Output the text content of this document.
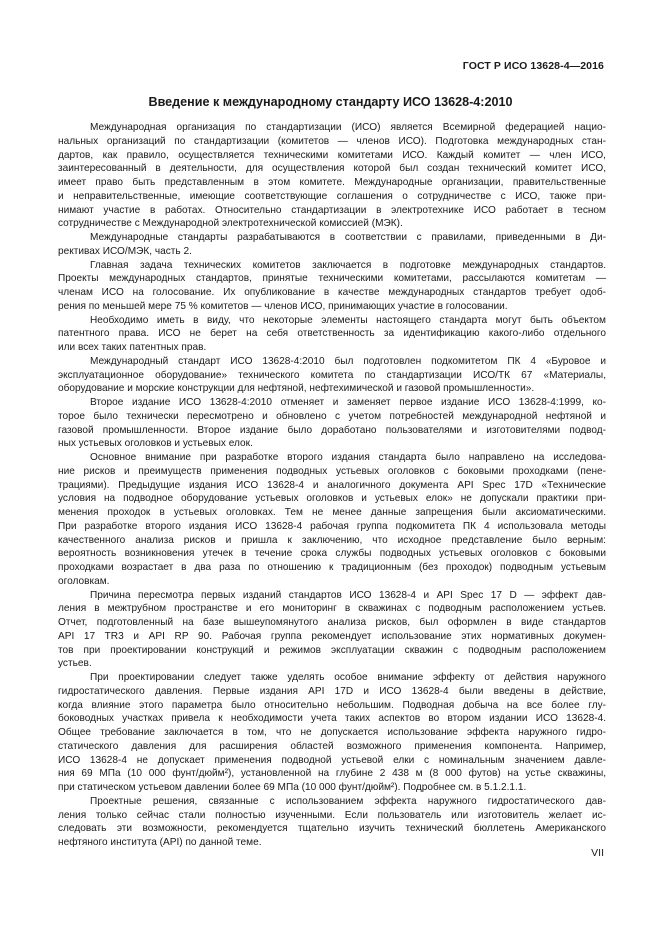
ГОСТ Р ИСО 13628-4—2016
Введение к международному стандарту ИСО 13628-4:2010

Международная организация по стандартизации (ИСО) является Всемирной федерацией нацио-
нальных организаций по стандартизации (комитетов — членов ИСО). Подготовка международных стан-
дартов, как правило, осуществляется техническими комитетами ИСО. Каждый комитет — член ИСО,
заинтересованный в деятельности, для осуществления которой был создан технический комитет ИСО,
имеет право быть представленным в этом комитете. Международные организации, правительственные
и неправительственные, имеющие соответствующие соглашения о сотрудничестве с ИСО, также при-
нимают участие в работах. Относительно стандартизации в электротехнике ИСО работает в тесном
сотрудничестве с Международной электротехнической комиссией (МЭК).

Международные стандарты разрабатываются в соответствии с правилами, приведенными в Ди-
рективах ИСО/МЭК, часть 2.

Главная задача технических комитетов заключается в подготовке международных стандартов.
Проекты международных стандартов, принятые техническими комитетами, рассылаются комитетам —
членам ИСО на голосование. Их опубликование в качестве международных стандартов требует одоб-
рения по меньшей мере 75 % комитетов — членов ИСО, принимающих участие в голосовании.

Необходимо иметь в виду, что некоторые элементы настоящего стандарта могут быть объектом
патентного права. ИСО не берет на себя ответственность за идентификацию какого-либо отдельного
или всех таких патентных прав.

Международный стандарт ИСО 13628-4:2010 был подготовлен подкомитетом ПК 4 «Буровое и
эксплуатационное оборудование» технического комитета по стандартизации ИСО/ТК 67 «Материалы,
оборудование и морские конструкции для нефтяной, нефтехимической и газовой промышленности».

Второе издание ИСО 13628-4:2010 отменяет и заменяет первое издание ИСО 13628-4:1999, ко-
торое было технически пересмотрено и обновлено с учетом потребностей международной нефтяной и
газовой промышленности. Второе издание было доработано пользователями и изготовителями подвод-
ных устьевых оголовков и устьевых елок.

Основное внимание при разработке второго издания стандарта было направлено на исследова-
ние рисков и преимуществ применения подводных устьевых оголовков с боковыми проходками (пене-
трациями). Предыдущие издания ИСО 13628-4 и аналогичного документа API Spec 17D «Технические
условия на подводное оборудование устьевых оголовков и устьевых елок» не допускали практики при-
менения проходок в устьевых оголовках. Тем не менее данные запрещения были аксиоматическими.
При разработке второго издания ИСО 13628-4 рабочая группа подкомитета ПК 4 использовала методы
качественного анализа рисков и пришла к заключению, что исходное представление было верным:
вероятность возникновения утечек в течение срока службы подводных устьевых оголовков с боковыми
проходками возрастает в два раза по отношению к традиционным (без проходок) подводным устьевым
оголовкам.

Причина пересмотра первых изданий стандартов ИСО 13628-4 и API Spec 17 D — эффект дав-
ления в межтрубном пространстве и его мониторинг в скважинах с подводным расположением устьев.
Отчет, подготовленный на базе вышеупомянутого анализа рисков, был оформлен в виде стандартов
API 17 TR3 и API RP 90. Рабочая группа рекомендует использование этих нормативных докумен-
тов при проектировании конструкций и режимов эксплуатации скважин с подводным расположением
устьев.

При проектировании следует также уделять особое внимание эффекту от действия наружного
гидростатического давления. Первые издания API 17D и ИСО 13628-4 были введены в действие,
когда влияние этого параметра было относительно небольшим. Подводная добыча на все более глу-
боководных участках привела к необходимости учета таких аспектов во втором издании ИСО 13628-4.
Общее требование заключается в том, что не допускается использование эффекта наружного гидро-
статического давления для расширения областей возможного применения компонента. Например,
ИСО 13628-4 не допускает применения подводной устьевой елки с номинальным значением давле-
ния 69 МПа (10 000 фунт/дюйм²), установленной на глубине 2 438 м (8 000 футов) на устье скважины,
при статическом устьевом давлении более 69 МПа (10 000 фунт/дюйм²). Подробнее см. в 5.1.2.1.1.

Проектные решения, связанные с использованием эффекта наружного гидростатического дав-
ления только сейчас стали полностью изученными. Если пользователь или изготовитель желает ис-
следовать эти возможности, рекомендуется тщательно изучить технический бюллетень Американского
нефтяного института (API) по данной теме.

VII
